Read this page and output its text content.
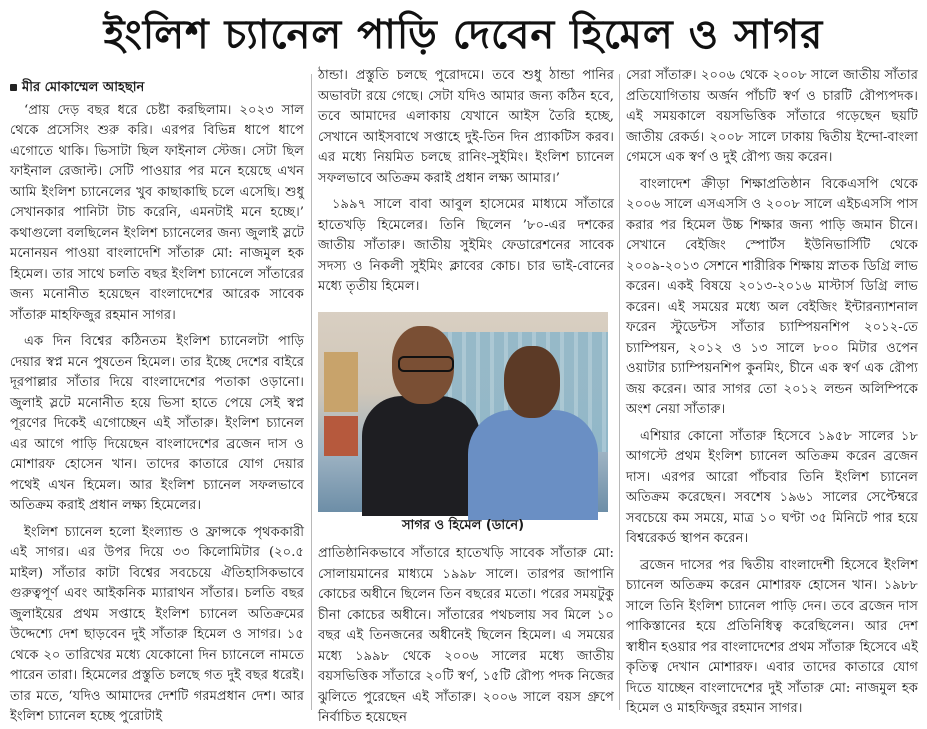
ইংলিশ চ্যানেল পাড়ি দেবেন হিমেল ও সাগর
মীর মোকাম্মেল আহছান

‘প্রায় দেড় বছর ধরে চেষ্টা করছিলাম। ২০২৩ সাল থেকে প্রসেসিং শুরু করি। এরপর বিভিন্ন ধাপে ধাপে এগোতে থাকি। ভিসাটা ছিল ফাইনাল স্টেজ। সেটা ছিল ফাইনাল রেজাল্ট। সেটি পাওয়ার পর মনে হয়েছে এখন আমি ইংলিশ চ্যানেলের খুব কাছাকাছি চলে এসেছি। শুধু সেখানকার পানিটা টাচ করেনি, এমনটাই মনে হচ্ছে।’ কথাগুলো বলছিলেন ইংলিশ চ্যানেলের জন্য জুলাই স্লটে মনোনয়ন পাওয়া বাংলাদেশি সাঁতারু মো: নাজমুল হক হিমেল। তার সাথে চলতি বছর ইংলিশ চ্যানেলে সাঁতারের জন্য মনোনীত হয়েছেন বাংলাদেশের আরেক সাবেক সাঁতারু মাহফিজুর রহমান সাগর।

এক দিন বিশ্বের কঠিনতম ইংলিশ চ্যানেলটা পাড়ি দেয়ার স্বপ্ন মনে পুষতেন হিমেল। তার ইচ্ছে দেশের বাইরে দূরপাল্লার সাঁতার দিয়ে বাংলাদেশের পতাকা ওড়ানো। জুলাই স্লটে মনোনীত হয়ে ভিসা হাতে পেয়ে সেই স্বপ্ন পূরণের দিকেই এগোচ্ছেন এই সাঁতারু। ইংলিশ চ্যানেল এর আগে পাড়ি দিয়েছেন বাংলাদেশের ব্রজেন দাস ও মোশারফ হোসেন খান। তাদের কাতারে যোগ দেয়ার পথেই এখন হিমেল। আর ইংলিশ চ্যানেল সফলভাবে অতিক্রম করাই প্রধান লক্ষ্য হিমেলের।

ইংলিশ চ্যানেল হলো ইংল্যান্ড ও ফ্রান্সকে পৃথককারী এই সাগর। এর উপর দিয়ে ৩৩ কিলোমিটার (২০.৫ মাইল) সাঁতার কাটা বিশ্বের সবচেয়ে ঐতিহাসিকভাবে গুরুত্বপূর্ণ এবং আইকনিক ম্যারাথন সাঁতার। চলতি বছর জুলাইয়ের প্রথম সপ্তাহে ইংলিশ চ্যানেল অতিক্রমের উদ্দেশ্যে দেশ ছাড়বেন দুই সাঁতারু হিমেল ও সাগর। ১৫ থেকে ২০ তারিখের মধ্যে যেকোনো দিন চ্যানেলে নামতে পারেন তারা। হিমেলের প্রস্তুতি চলছে গত দুই বছর ধরেই। তার মতে, ‘যদিও আমাদের দেশটি গরমপ্রধান দেশ। আর ইংলিশ চ্যানেল হচ্ছে পুরোটাই

ঠান্ডা। প্রস্তুতি চলছে পুরোদমে। তবে শুধু ঠান্ডা পানির অভাবটা রয়ে গেছে। সেটা যদিও আমার জন্য কঠিন হবে, তবে আমাদের এলাকায় যেখানে আইস তৈরি হচ্ছে, সেখানে আইসবাথে সপ্তাহে দুই-তিন দিন প্র্যাকটিস করব। এর মধ্যে নিয়মিত চলছে রানিং-সুইমিং। ইংলিশ চ্যানেল সফলভাবে অতিক্রম করাই প্রধান লক্ষ্য আমার।’

১৯৯৭ সালে বাবা আবুল হাসেমের মাধ্যমে সাঁতারে হাতেখড়ি হিমেলের। তিনি ছিলেন ’৮০-এর দশকের জাতীয় সাঁতারু। জাতীয় সুইমিং ফেডারেশনের সাবেক সদস্য ও নিকলী সুইমিং ক্লাবের কোচ। চার ভাই-বোনের মধ্যে তৃতীয় হিমেল।

সাগর ও হিমেল (ডানে)

প্রাতিষ্ঠানিকভাবে সাঁতারে হাতেখড়ি সাবেক সাঁতারু মো: সোলায়মানের মাধ্যমে ১৯৯৮ সালে। তারপর জাপানি কোচের অধীনে ছিলেন তিন বছরের মতো। পরের সময়টুকু চীনা কোচের অধীনে। সাঁতারের পথচলায় সব মিলে ১০ বছর এই তিনজনের অধীনেই ছিলেন হিমেল। এ সময়ের মধ্যে ১৯৯৮ থেকে ২০০৬ সালের মধ্যে জাতীয় বয়সভিত্তিক সাঁতারে ২০টি স্বর্ণ, ১৫টি রৌপ্য পদক নিজের ঝুলিতে পুরেছেন এই সাঁতারু। ২০০৬ সালে বয়স গ্রুপে নির্বাচিত হয়েছেন

সেরা সাঁতারু। ২০০৬ থেকে ২০০৮ সালে জাতীয় সাঁতার প্রতিযোগিতায় অর্জন পাঁচটি স্বর্ণ ও চারটি রৌপ্যপদক। এই সময়কালে বয়সভিত্তিক সাঁতারে গড়েছেন ছয়টি জাতীয় রেকর্ড। ২০০৮ সালে ঢাকায় দ্বিতীয় ইন্দো-বাংলা গেমসে এক স্বর্ণ ও দুই রৌপ্য জয় করেন।

বাংলাদেশ ক্রীড়া শিক্ষাপ্রতিষ্ঠান বিকেএসপি থেকে ২০০৬ সালে এসএসসি ও ২০০৮ সালে এইচএসসি পাস করার পর হিমেল উচ্চ শিক্ষার জন্য পাড়ি জমান চীনে। সেখানে বেইজিং স্পোর্টস ইউনিভার্সিটি থেকে ২০০৯-২০১৩ সেশনে শারীরিক শিক্ষায় স্নাতক ডিগ্রি লাভ করেন। একই বিষয়ে ২০১৩-২০১৬ মাস্টার্স ডিগ্রি লাভ করেন। এই সময়ের মধ্যে অল বেইজিং ইন্টারন্যাশনাল ফরেন স্টুডেন্টস সাঁতার চ্যাম্পিয়নশিপ ২০১২-তে চ্যাম্পিয়ন, ২০১২ ও ১৩ সালে ৮০০ মিটার ওপেন ওয়াটার চ্যাম্পিয়নশিপ কুনমিং, চীনে এক স্বর্ণ এক রৌপ্য জয় করেন। আর সাগর তো ২০১২ লন্ডন অলিম্পিকে অংশ নেয়া সাঁতারু।

এশিয়ার কোনো সাঁতারু হিসেবে ১৯৫৮ সালের ১৮ আগস্টে প্রথম ইংলিশ চ্যানেল অতিক্রম করেন ব্রজেন দাস। এরপর আরো পাঁচবার তিনি ইংলিশ চ্যানেল অতিক্রম করেছেন। সবশেষ ১৯৬১ সালের সেপ্টেম্বরে সবচেয়ে কম সময়ে, মাত্র ১০ ঘণ্টা ৩৫ মিনিটে পার হয়ে বিশ্বরেকর্ড স্থাপন করেন।

ব্রজেন দাসের পর দ্বিতীয় বাংলাদেশী হিসেবে ইংলিশ চ্যানেল অতিক্রম করেন মোশারফ হোসেন খান। ১৯৮৮ সালে তিনি ইংলিশ চ্যানেল পাড়ি দেন। তবে ব্রজেন দাস পাকিস্তানের হয়ে প্রতিনিধিত্ব করেছিলেন। আর দেশ স্বাধীন হওয়ার পর বাংলাদেশের প্রথম সাঁতারু হিসেবে এই কৃতিত্ব দেখান মোশারফ। এবার তাদের কাতারে যোগ দিতে যাচ্ছেন বাংলাদেশের দুই সাঁতারু মো: নাজমুল হক হিমেল ও মাহফিজুর রহমান সাগর।
